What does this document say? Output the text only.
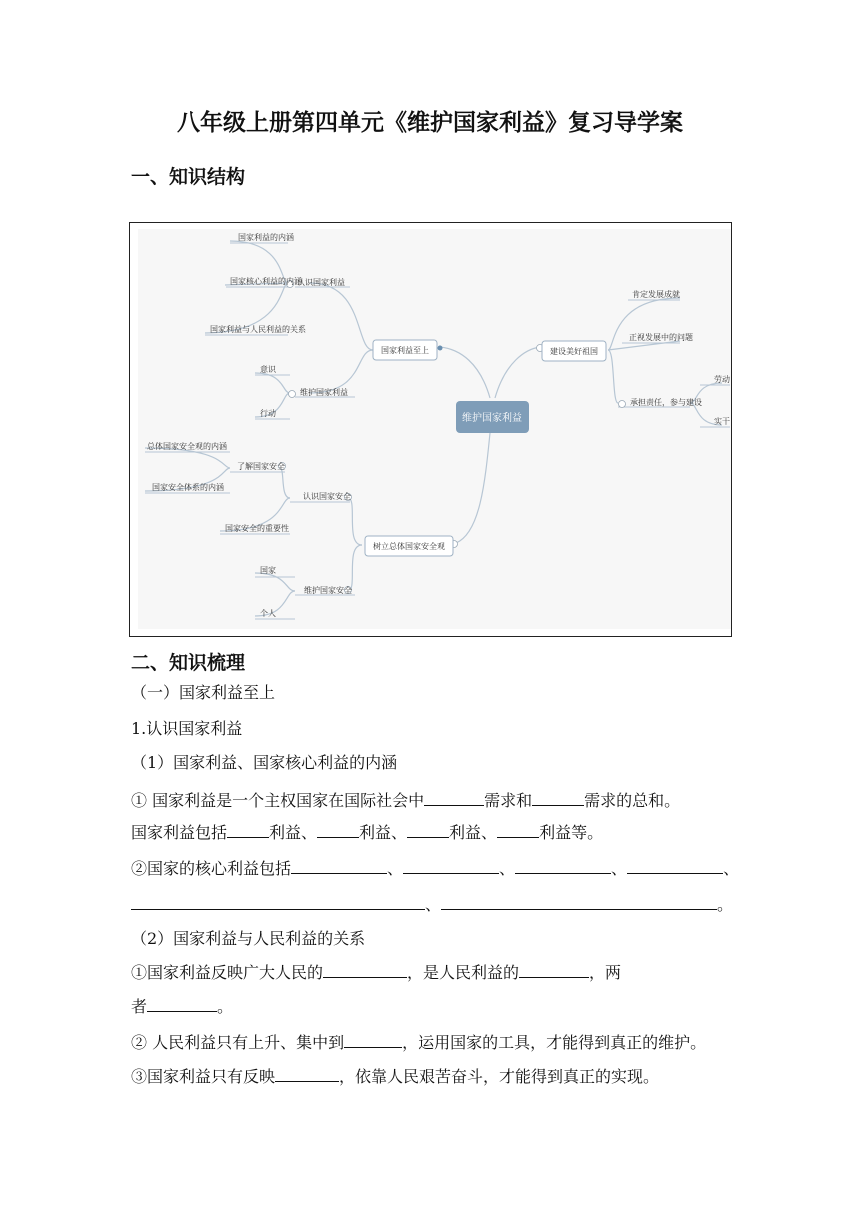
八年级上册第四单元《维护国家利益》复习导学案
一、知识结构
维护国家利益
国家利益至上	建设美好祖国
树立总体国家安全观
认识国家利益
国家利益的内涵
国家核心利益的内涵
国家利益与人民利益的关系
维护国家利益
意识
行动
肯定发展成就
正视发展中的问题
承担责任，参与建设
劳动
实干
认识国家安全
了解国家安全
总体国家安全观的内涵
国家安全体系的内涵
国家安全的重要性
维护国家安全
国家
个人
二、知识梳理
（一）国家利益至上
1.认识国家利益
（1）国家利益、国家核心利益的内涵
① 国家利益是一个主权国家在国际社会中	需求和	需求的总和。
国家利益包括	利益、	利益、	利益、	利益等。
②国家的核心利益包括	、	、	、	、
、	。
（2）国家利益与人民利益的关系
①国家利益反映广大人民的	，是人民利益的	，两
者	。
② 人民利益只有上升、集中到	，运用国家的工具，才能得到真正的维护。
③国家利益只有反映	，依靠人民艰苦奋斗，才能得到真正的实现。
